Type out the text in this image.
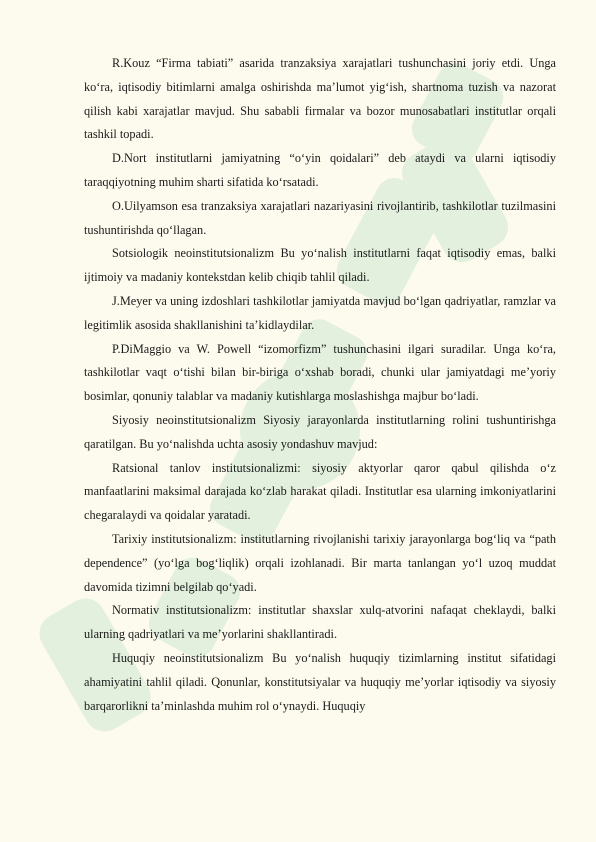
R.Kouz “Firma tabiati” asarida tranzaksiya xarajatlari tushunchasini joriy etdi. Unga ko‘ra, iqtisodiy bitimlarni amalga oshirishda ma’lumot yig‘ish, shartnoma tuzish va nazorat qilish kabi xarajatlar mavjud. Shu sababli firmalar va bozor munosabatlari institutlar orqali tashkil topadi.

D.Nort institutlarni jamiyatning “o‘yin qoidalari” deb ataydi va ularni iqtisodiy taraqqiyotning muhim sharti sifatida ko‘rsatadi.

O.Uilyamson esa tranzaksiya xarajatlari nazariyasini rivojlantirib, tashkilotlar tuzilmasini tushuntirishda qo‘llagan.

Sotsiologik neoinstitutsionalizm Bu yo‘nalish institutlarni faqat iqtisodiy emas, balki ijtimoiy va madaniy kontekstdan kelib chiqib tahlil qiladi.

J.Meyer va uning izdoshlari tashkilotlar jamiyatda mavjud bo‘lgan qadriyatlar, ramzlar va legitimlik asosida shakllanishini ta’kidlaydilar.

P.DiMaggio va W. Powell “izomorfizm” tushunchasini ilgari suradilar. Unga ko‘ra, tashkilotlar vaqt o‘tishi bilan bir-biriga o‘xshab boradi, chunki ular jamiyatdagi me’yoriy bosimlar, qonuniy talablar va madaniy kutishlarga moslashishga majbur bo‘ladi.

Siyosiy neoinstitutsionalizm Siyosiy jarayonlarda institutlarning rolini tushuntirishga qaratilgan. Bu yo‘nalishda uchta asosiy yondashuv mavjud:

Ratsional tanlov institutsionalizmi: siyosiy aktyorlar qaror qabul qilishda o‘z manfaatlarini maksimal darajada ko‘zlab harakat qiladi. Institutlar esa ularning imkoniyatlarini chegaralaydi va qoidalar yaratadi.

Tarixiy institutsionalizm: institutlarning rivojlanishi tarixiy jarayonlarga bog‘liq va “path dependence” (yo‘lga bog‘liqlik) orqali izohlanadi. Bir marta tanlangan yo‘l uzoq muddat davomida tizimni belgilab qo‘yadi.

Normativ institutsionalizm: institutlar shaxslar xulq-atvorini nafaqat cheklaydi, balki ularning qadriyatlari va me’yorlarini shakllantiradi.

Huquqiy neoinstitutsionalizm Bu yo‘nalish huquqiy tizimlarning institut sifatidagi ahamiyatini tahlil qiladi. Qonunlar, konstitutsiyalar va huquqiy me’yorlar iqtisodiy va siyosiy barqarorlikni ta’minlashda muhim rol o‘ynaydi. Huquqiy
